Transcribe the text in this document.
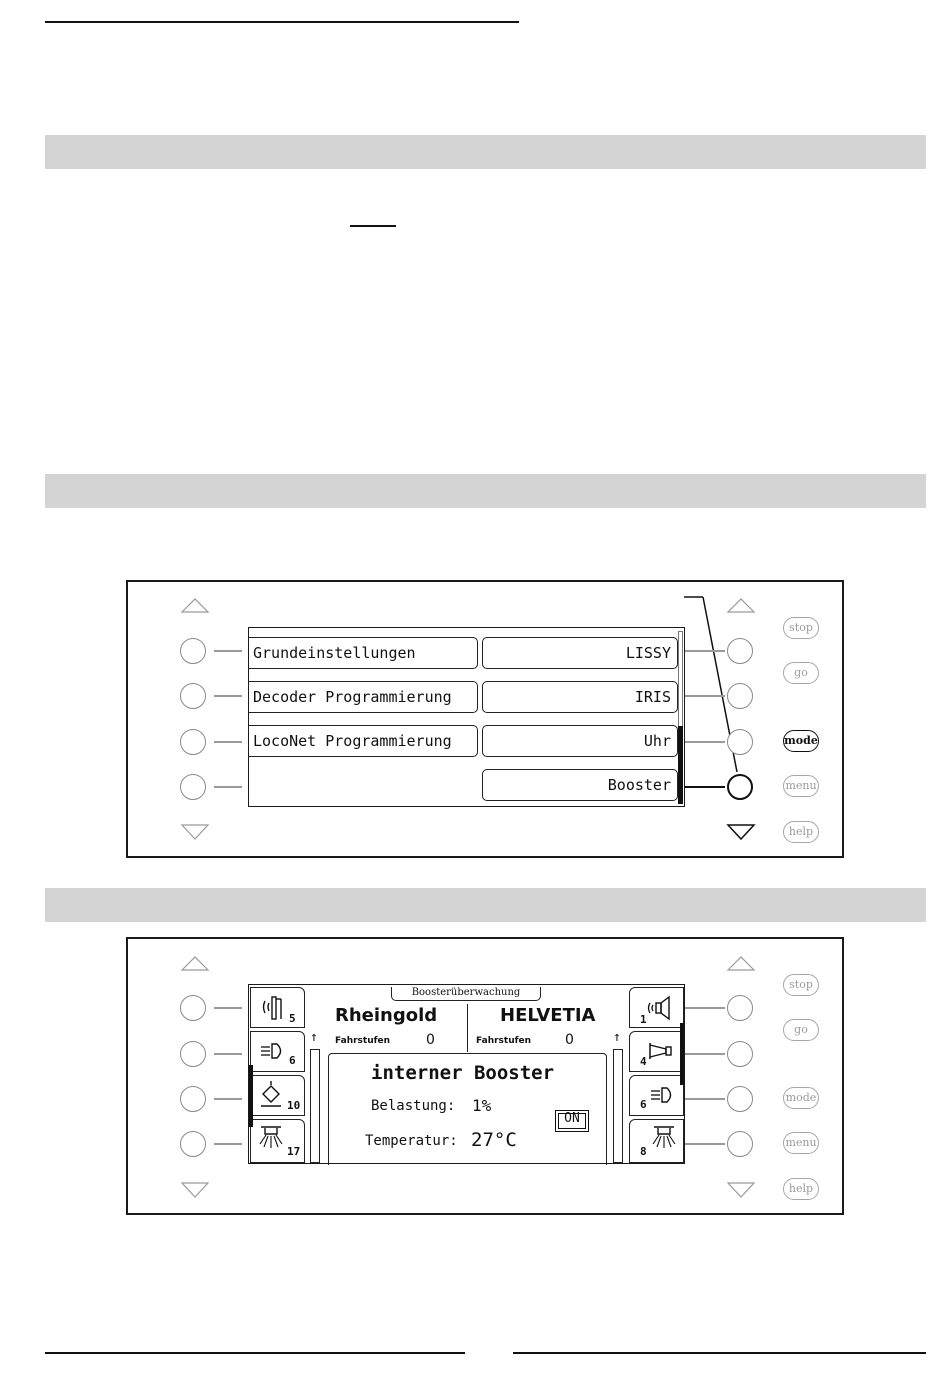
stop
go
mode
menu
help
Grundeinstellungen
Decoder Programmierung
LocoNet Programmierung
LISSY
IRIS
Uhr
Booster
stop
go
mode
menu
help
5
6
10
17
1
4
6
8
Boosterüberwachung
Rheingold	HELVETIA
Fahrstufen	0	Fahrstufen 0
↑	↑
interner Booster
Belastung: 1%
Temperatur: 27°C
ON
